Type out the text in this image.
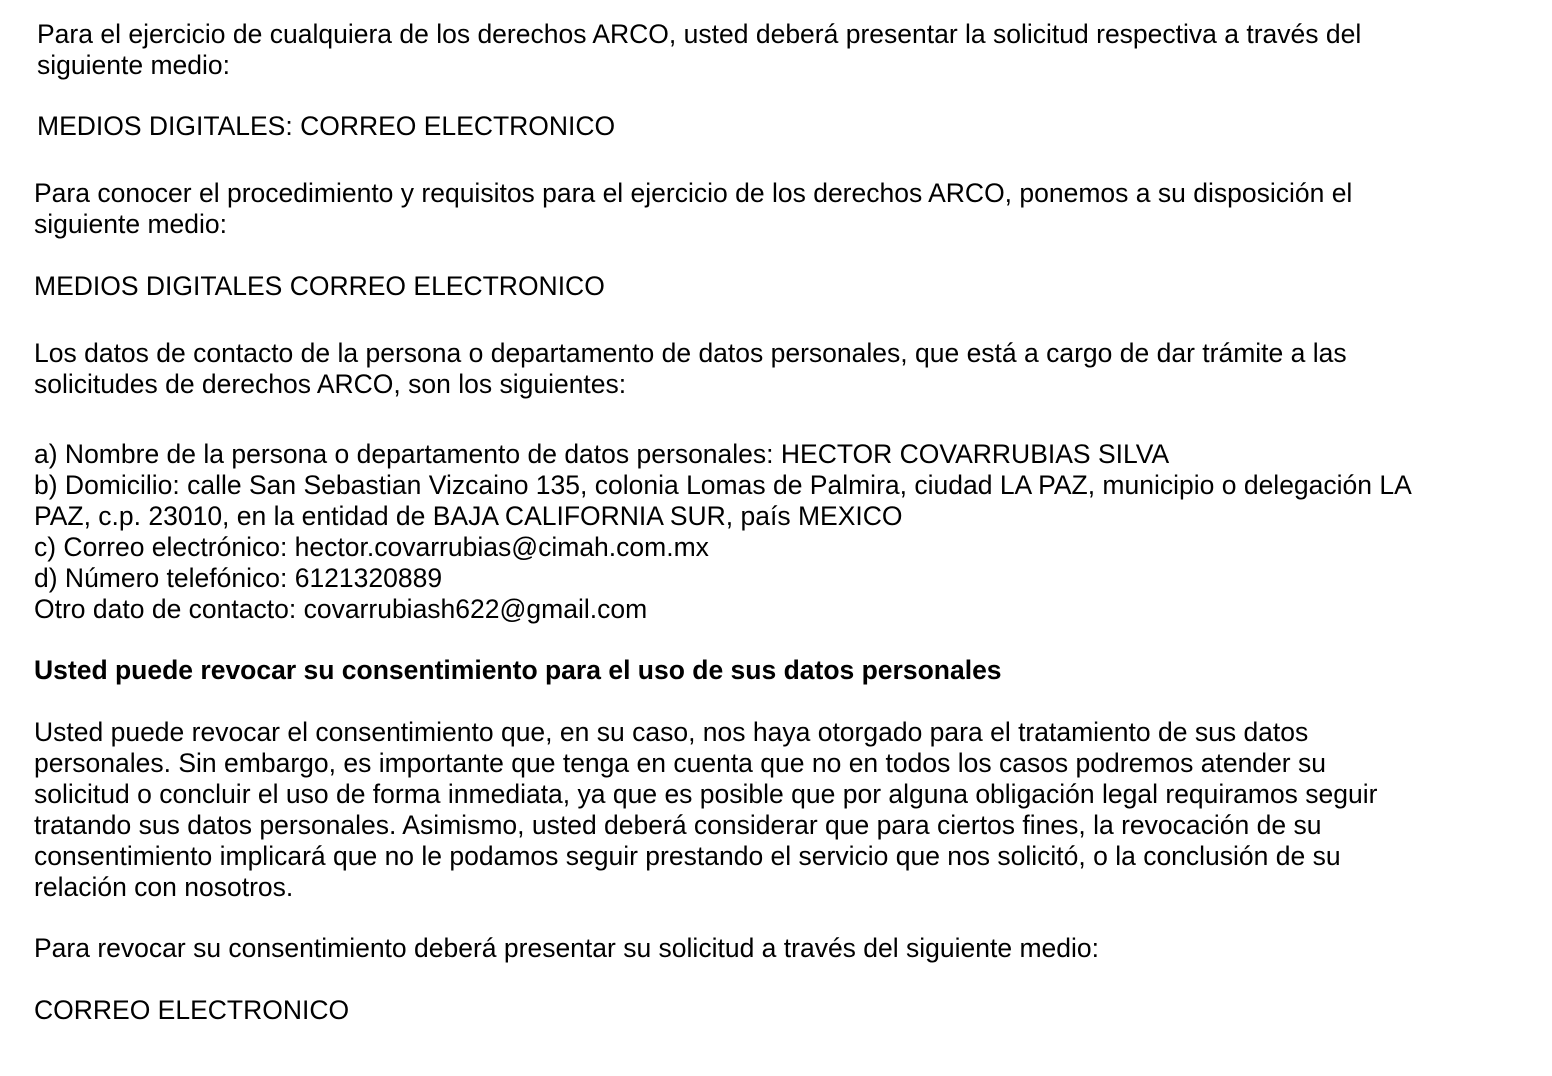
Para el ejercicio de cualquiera de los derechos ARCO, usted deberá presentar la solicitud respectiva a través del
siguiente medio:

MEDIOS DIGITALES: CORREO ELECTRONICO

Para conocer el procedimiento y requisitos para el ejercicio de los derechos ARCO, ponemos a su disposición el
siguiente medio:

MEDIOS DIGITALES CORREO ELECTRONICO

Los datos de contacto de la persona o departamento de datos personales, que está a cargo de dar trámite a las
solicitudes de derechos ARCO, son los siguientes:

a) Nombre de la persona o departamento de datos personales: HECTOR COVARRUBIAS SILVA
b) Domicilio: calle San Sebastian Vizcaino 135, colonia Lomas de Palmira, ciudad LA PAZ, municipio o delegación LA
PAZ, c.p. 23010, en la entidad de BAJA CALIFORNIA SUR, país MEXICO
c) Correo electrónico: hector.covarrubias@cimah.com.mx
d) Número telefónico: 6121320889
Otro dato de contacto: covarrubiash622@gmail.com

Usted puede revocar su consentimiento para el uso de sus datos personales

Usted puede revocar el consentimiento que, en su caso, nos haya otorgado para el tratamiento de sus datos
personales. Sin embargo, es importante que tenga en cuenta que no en todos los casos podremos atender su
solicitud o concluir el uso de forma inmediata, ya que es posible que por alguna obligación legal requiramos seguir
tratando sus datos personales. Asimismo, usted deberá considerar que para ciertos fines, la revocación de su
consentimiento implicará que no le podamos seguir prestando el servicio que nos solicitó, o la conclusión de su
relación con nosotros.

Para revocar su consentimiento deberá presentar su solicitud a través del siguiente medio:

CORREO ELECTRONICO
